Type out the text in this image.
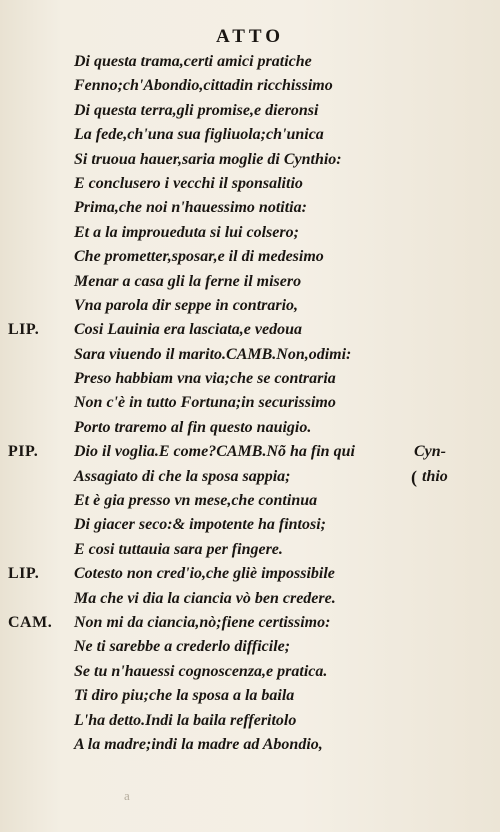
ATTO
Di questa trama,certi amici pratiche
Fenno;ch'Abondio,cittadin ricchissimo
Di questa terra,gli promise,e dieronsi
La fede,ch'una sua figliuola;ch'unica
Si truoua hauer,saria moglie di Cynthio:
E conclusero i vecchi il sponsalitio
Prima,che noi n'hauessimo notitia:
Et a la improueduta si lui colsero;
Che prometter,sposar,e il di medesimo
Menar a casa gli la ferne il misero
Vna parola dir seppe in contrario,
LIP. Cosi Lauinia era lasciata,e vedoua
Sara viuendo il marito.CAMB.Non,odimi:
Preso habbiam vna via;che se contraria
Non c'è in tutto Fortuna;in securissimo
Porto traremo al fin questo nauigio.
PIP. Dio il voglia.E come?CAMB.Nõ ha fin qui	Cyn-
Assagiato di che la sposa sappia;	( thio
Et è gia presso vn mese,che continua
Di giacer seco:& impotente ha fintosi;
E cosi tuttauia sara per fingere.
LIP. Cotesto non cred'io,che gliè impossibile
Ma che vi dia la ciancia vò ben credere.
CAM. Non mi da ciancia,nò;fiene certissimo:
Ne ti sarebbe a crederlo difficile;
Se tu n'hauessi cognoscenza,e pratica.
Ti diro piu;che la sposa a la baila
L'ha detto.Indi la baila refferitolo
A la madre;indi la madre ad Abondio,
a
